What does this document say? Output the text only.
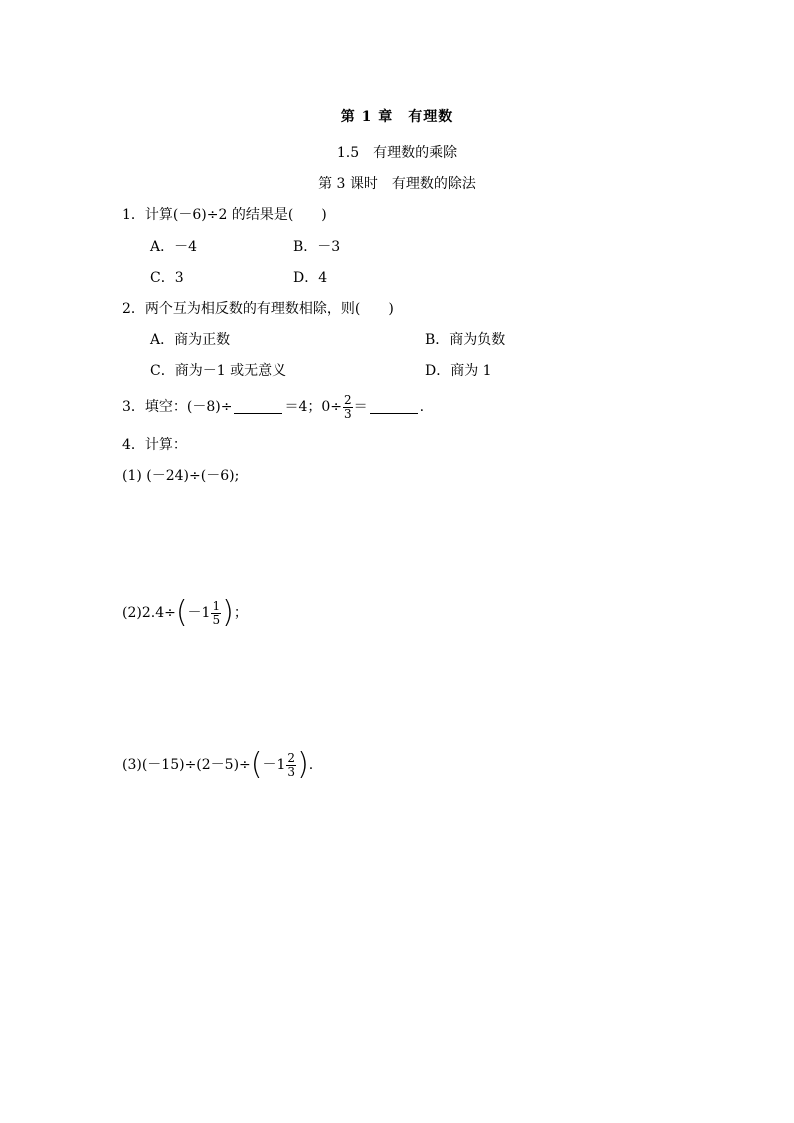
第 1 章　有理数
1.5　有理数的乘除
第 3 课时　有理数的除法
1．计算(－6)÷2 的结果是(　　)
A．－4	B．－3
C．3	D．4
2．两个互为相反数的有理数相除，则(　　)
A．商为正数	B．商为负数
C．商为－1 或无意义	D．商为 1
3．填空：(－8)÷	＝4；$0\div \frac{2}{3}$ ＝	.
4．计算：
(1) (－24)÷(－6);
(2)2.4÷ ( $-1 \frac{1}{5}$ ) ；
(3)(－15)÷(2－5)÷ ( $-1 \frac{2}{3}$ ) .
